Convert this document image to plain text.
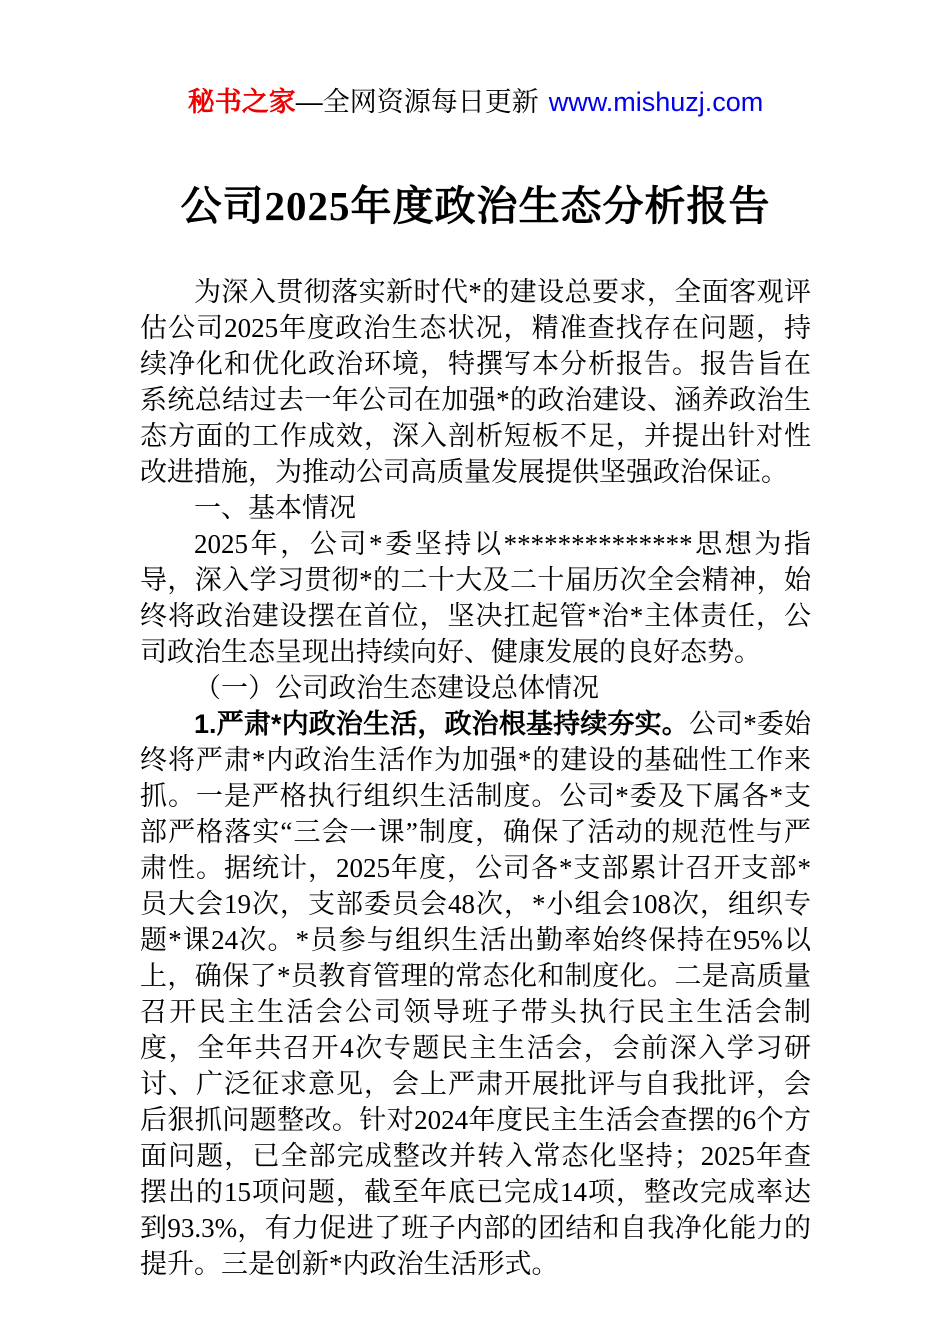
秘书之家—全网资源每日更新 www.mishuzj.com
公司2025年度政治生态分析报告

为深入贯彻落实新时代*的建设总要求，全面客观评估公司2025年度政治生态状况，精准查找存在问题，持续净化和优化政治环境，特撰写本分析报告。报告旨在系统总结过去一年公司在加强*的政治建设、涵养政治生态方面的工作成效，深入剖析短板不足，并提出针对性改进措施，为推动公司高质量发展提供坚强政治保证。

一、基本情况

2025年，公司*委坚持以**************思想为指导，深入学习贯彻*的二十大及二十届历次全会精神，始终将政治建设摆在首位，坚决扛起管*治*主体责任，公司政治生态呈现出持续向好、健康发展的良好态势。

（一）公司政治生态建设总体情况

1.严肃*内政治生活，政治根基持续夯实。公司*委始终将严肃*内政治生活作为加强*的建设的基础性工作来抓。一是严格执行组织生活制度。公司*委及下属各*支部严格落实“三会一课”制度，确保了活动的规范性与严肃性。据统计，2025年度，公司各*支部累计召开支部*员大会19次，支部委员会48次，*小组会108次，组织专题*课24次。*员参与组织生活出勤率始终保持在95%以上，确保了*员教育管理的常态化和制度化。二是高质量召开民主生活会公司领导班子带头执行民主生活会制度，全年共召开4次专题民主生活会，会前深入学习研讨、广泛征求意见，会上严肃开展批评与自我批评，会后狠抓问题整改。针对2024年度民主生活会查摆的6个方面问题，已全部完成整改并转入常态化坚持；2025年查摆出的15项问题，截至年底已完成14项，整改完成率达到93.3%，有力促进了班子内部的团结和自我净化能力的提升。三是创新*内政治生活形式。
